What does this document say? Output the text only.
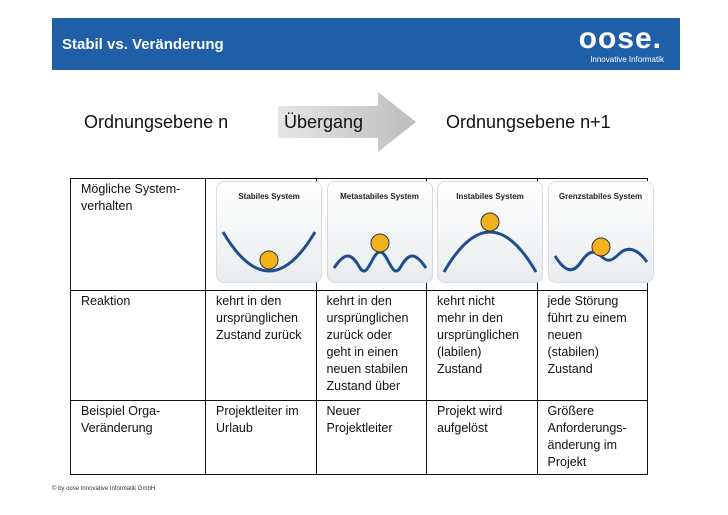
Stabil vs. Veränderung	oose.
Innovative Informatik
Ordnungsebene n	Übergang	Ordnungsebene n+1
Mögliche System- verhalten	Stabiles System	Metastabiles System	Instabiles System	Grenzstabiles System

Reaktion	kehrt in den ursprünglichen Zustand zurück	kehrt in den ursprünglichen zurück oder geht in einen neuen stabilen Zustand über	kehrt nicht mehr in den ursprünglichen (labilen) Zustand	jede Störung führt zu einem neuen (stabilen) Zustand
Beispiel Orga- Veränderung	Projektleiter im Urlaub	Neuer Projektleiter	Projekt wird aufgelöst	Größere Anforderungs- änderung im Projekt
© by oose Innovative Informatik GmbH
